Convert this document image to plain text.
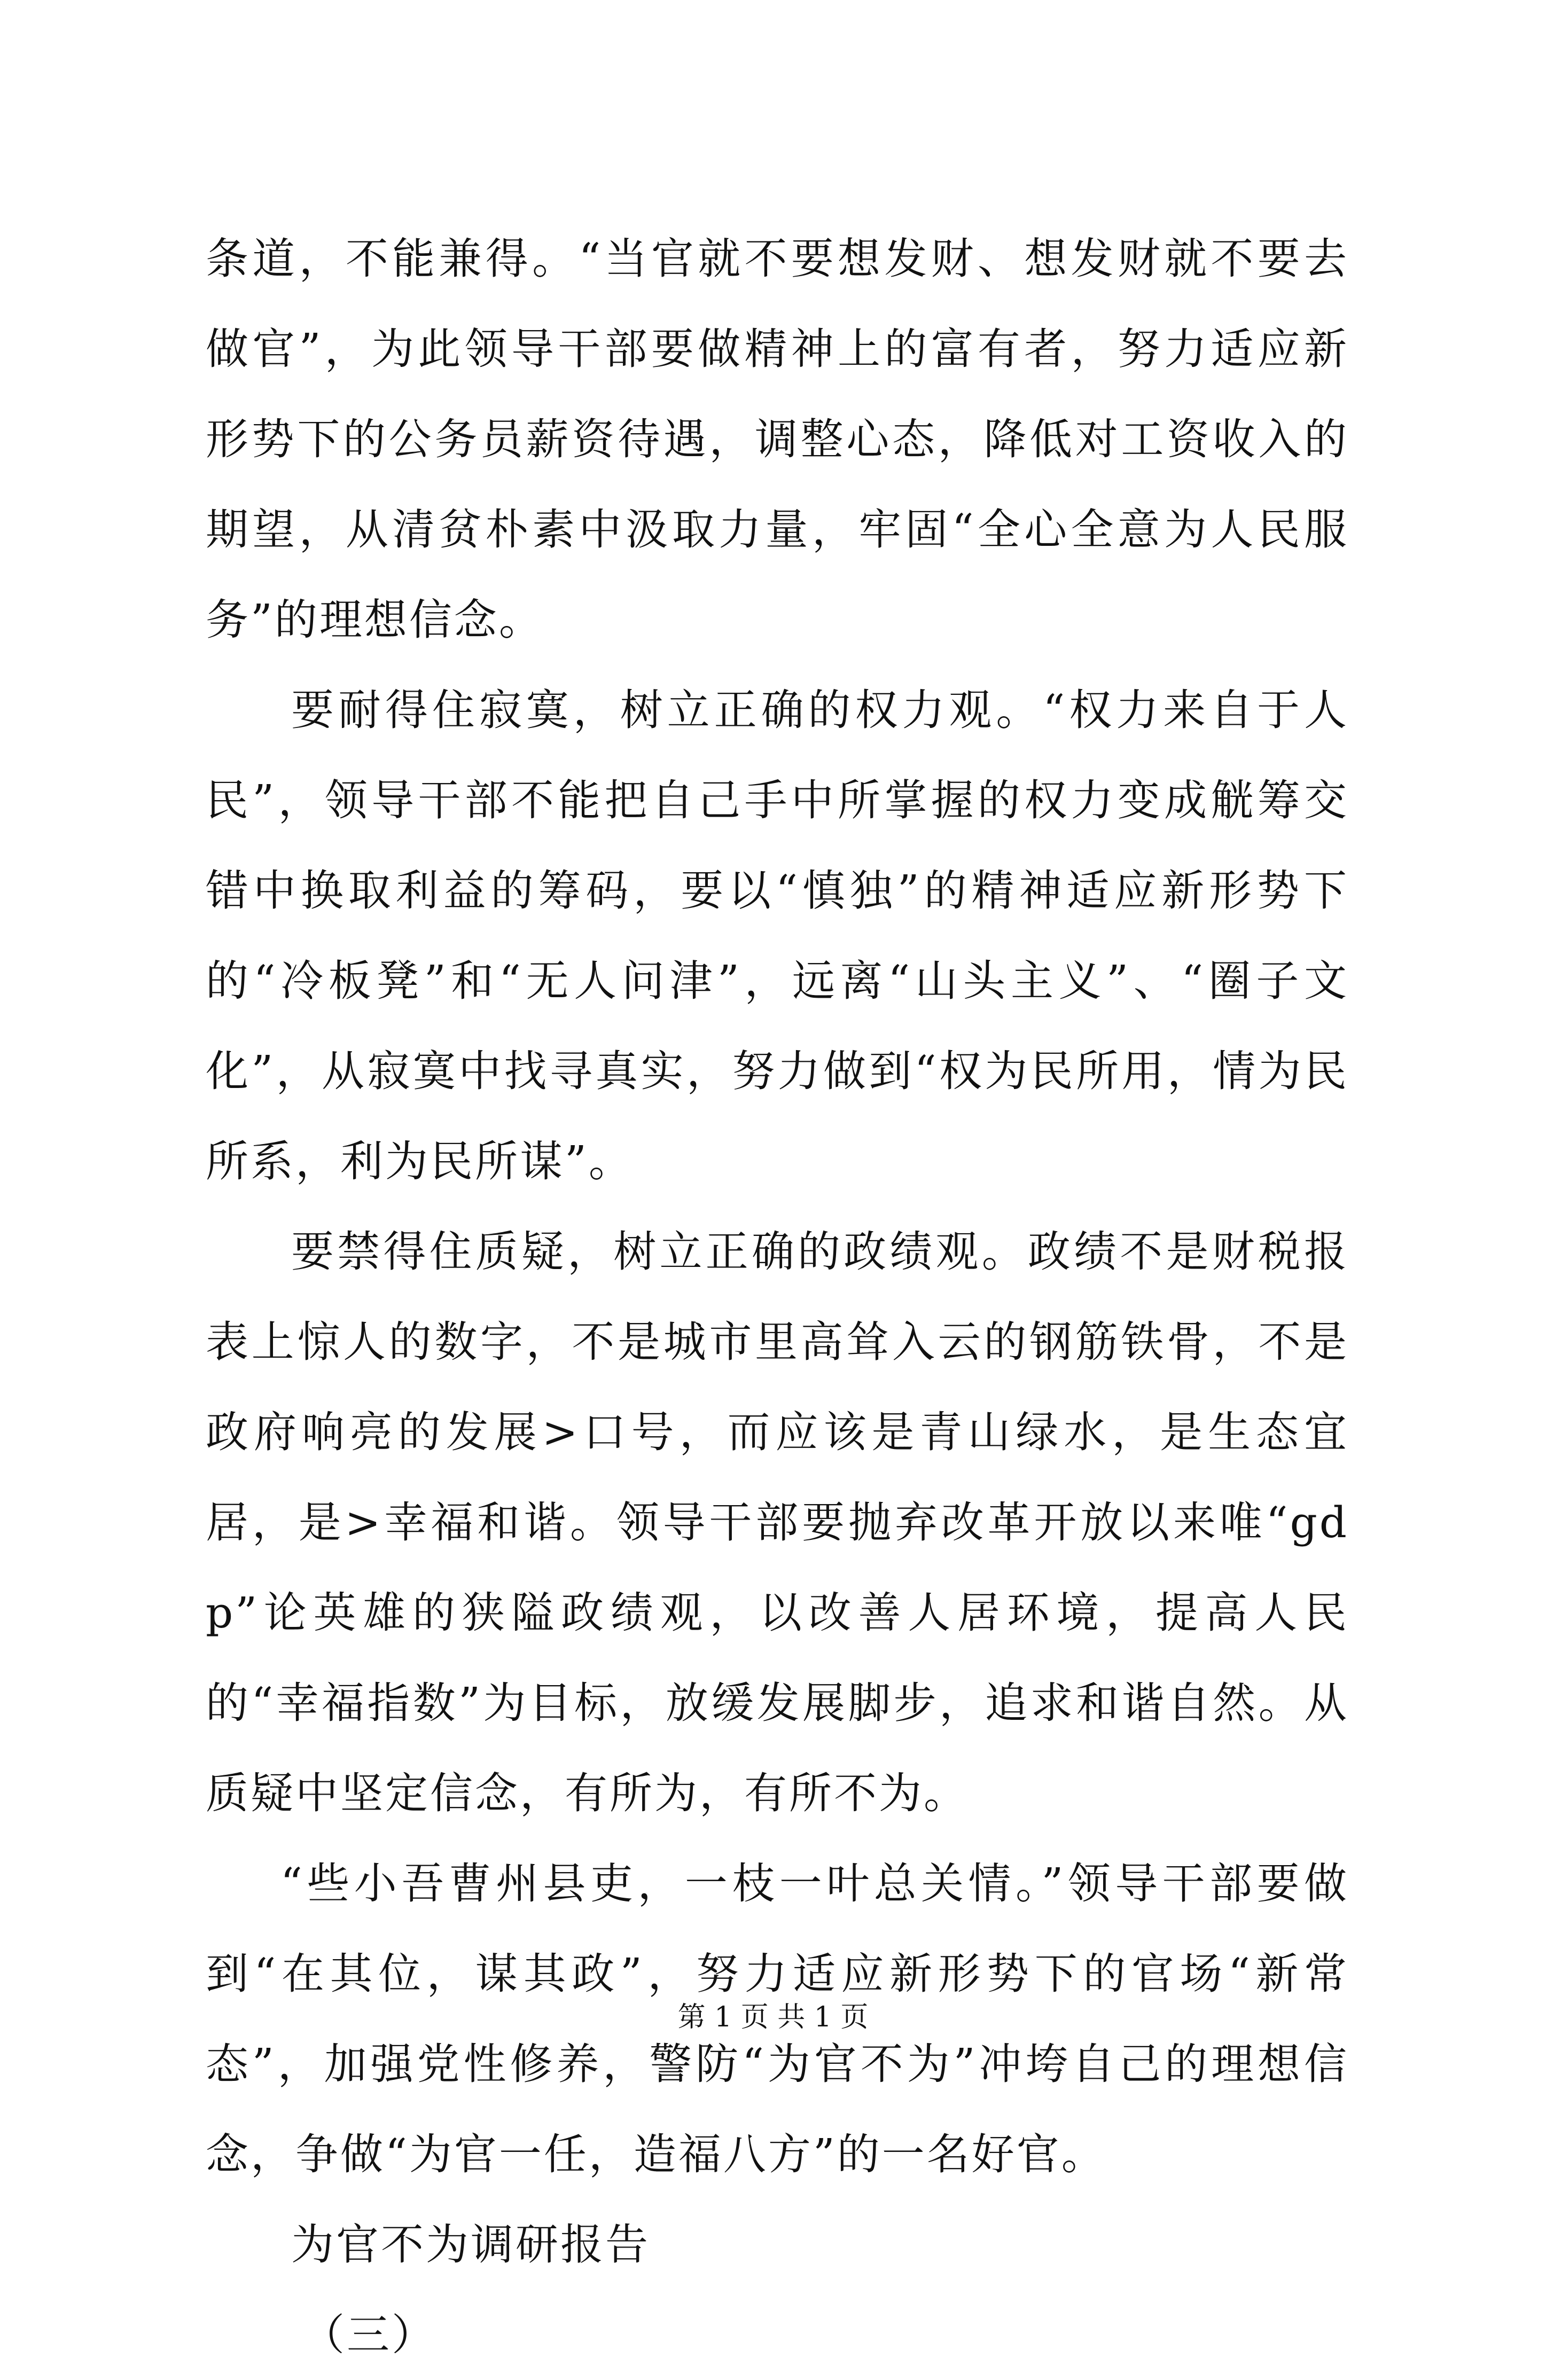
条道，不能兼得。“当官就不要想发财、想发财就不要去做官”，为此领导干部要做精神上的富有者，努力适应新形势下的公务员薪资待遇，调整心态，降低对工资收入的期望，从清贫朴素中汲取力量，牢固“全心全意为人民服务”的理想信念。

要耐得住寂寞，树立正确的权力观。“权力来自于人民”，领导干部不能把自己手中所掌握的权力变成觥筹交错中换取利益的筹码，要以“慎独”的精神适应新形势下的“冷板凳”和“无人问津”，远离“山头主义”、“圈子文化”，从寂寞中找寻真实，努力做到“权为民所用，情为民所系，利为民所谋”。

要禁得住质疑，树立正确的政绩观。政绩不是财税报表上惊人的数字，不是城市里高耸入云的钢筋铁骨，不是政府响亮的发展>口号，而应该是青山绿水，是生态宜居，是>幸福和谐。领导干部要抛弃改革开放以来唯“gdp”论英雄的狭隘政绩观，以改善人居环境，提高人民的“幸福指数”为目标，放缓发展脚步，追求和谐自然。从质疑中坚定信念，有所为，有所不为。

“些小吾曹州县吏，一枝一叶总关情。”领导干部要做到“在其位，谋其政”，努力适应新形势下的官场“新常态”，加强党性修养，警防“为官不为”冲垮自己的理想信念，争做“为官一任，造福八方”的一名好官。

为官不为调研报告

（三）

第 1 页 共 1 页
